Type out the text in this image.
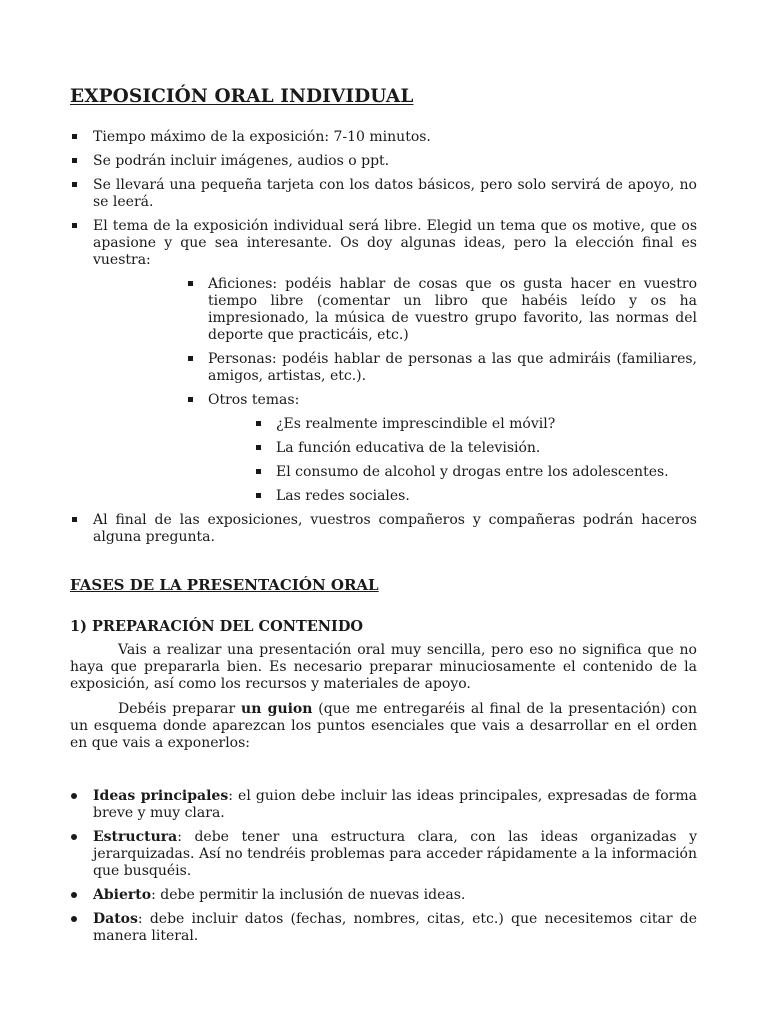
EXPOSICIÓN ORAL INDIVIDUAL
Tiempo máximo de la exposición: 7-10 minutos.
Se podrán incluir imágenes, audios o ppt.
Se llevará una pequeña tarjeta con los datos básicos, pero solo servirá de apoyo, no se leerá.
El tema de la exposición individual será libre. Elegid un tema que os motive, que os apasione y que sea interesante. Os doy algunas ideas, pero la elección final es vuestra:
Aficiones: podéis hablar de cosas que os gusta hacer en vuestro tiempo libre (comentar un libro que habéis leído y os ha impresionado, la música de vuestro grupo favorito, las normas del deporte que practicáis, etc.)
Personas: podéis hablar de personas a las que admiráis (familiares, amigos, artistas, etc.).
Otros temas:
¿Es realmente imprescindible el móvil?
La función educativa de la televisión.
El consumo de alcohol y drogas entre los adolescentes.
Las redes sociales.
Al final de las exposiciones, vuestros compañeros y compañeras podrán haceros alguna pregunta.
FASES DE LA PRESENTACIÓN ORAL
1) PREPARACIÓN DEL CONTENIDO

Vais a realizar una presentación oral muy sencilla, pero eso no significa que no haya que prepararla bien. Es necesario preparar minuciosamente el contenido de la exposición, así como los recursos y materiales de apoyo.

Debéis preparar un guion (que me entregaréis al final de la presentación) con un esquema donde aparezcan los puntos esenciales que vais a desarrollar en el orden en que vais a exponerlos:

Ideas principales: el guion debe incluir las ideas principales, expresadas de forma breve y muy clara.
Estructura: debe tener una estructura clara, con las ideas organizadas y jerarquizadas. Así no tendréis problemas para acceder rápidamente a la información que busquéis.
Abierto: debe permitir la inclusión de nuevas ideas.
Datos: debe incluir datos (fechas, nombres, citas, etc.) que necesitemos citar de manera literal.
